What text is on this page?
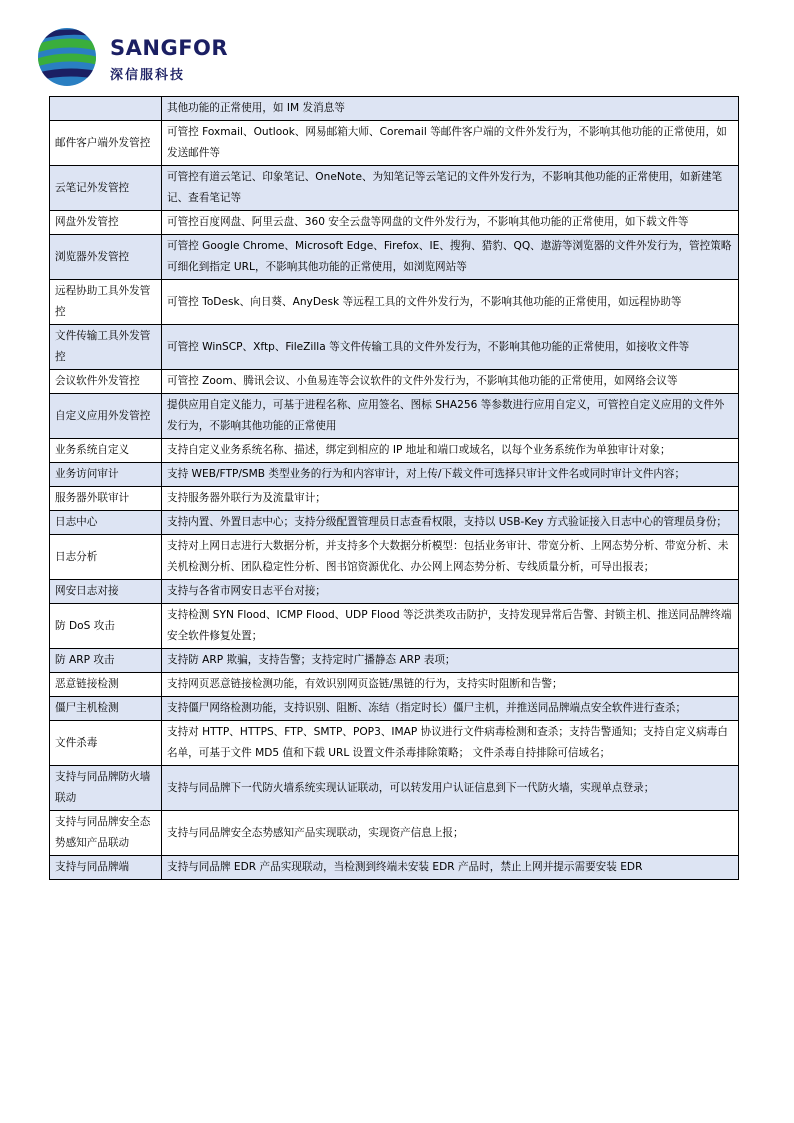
SANGFOR
深信服科技
	其他功能的正常使用，如 IM 发消息等
邮件客户端外发管控	可管控 Foxmail、Outlook、网易邮箱大师、Coremail 等邮件客户端的文件外发行为，不影响其他功能的正常使用，如发送邮件等
云笔记外发管控	可管控有道云笔记、印象笔记、OneNote、为知笔记等云笔记的文件外发行为，不影响其他功能的正常使用，如新建笔记、查看笔记等
网盘外发管控	可管控百度网盘、阿里云盘、360 安全云盘等网盘的文件外发行为，不影响其他功能的正常使用，如下载文件等
浏览器外发管控	可管控 Google Chrome、Microsoft Edge、Firefox、IE、搜狗、猎豹、QQ、遨游等浏览器的文件外发行为，管控策略可细化到指定 URL，不影响其他功能的正常使用，如浏览网站等
远程协助工具外发管控	可管控 ToDesk、向日葵、AnyDesk 等远程工具的文件外发行为，不影响其他功能的正常使用，如远程协助等
文件传输工具外发管控	可管控 WinSCP、Xftp、FileZilla 等文件传输工具的文件外发行为，不影响其他功能的正常使用，如接收文件等
会议软件外发管控	可管控 Zoom、腾讯会议、小鱼易连等会议软件的文件外发行为，不影响其他功能的正常使用，如网络会议等
自定义应用外发管控	提供应用自定义能力，可基于进程名称、应用签名、图标 SHA256 等参数进行应用自定义，可管控自定义应用的文件外发行为，不影响其他功能的正常使用
业务系统自定义	支持自定义业务系统名称、描述，绑定到相应的 IP 地址和端口或域名，以每个业务系统作为单独审计对象；
业务访问审计	支持 WEB/FTP/SMB 类型业务的行为和内容审计，对上传/下载文件可选择只审计文件名或同时审计文件内容；
服务器外联审计	支持服务器外联行为及流量审计；
日志中心	支持内置、外置日志中心；支持分级配置管理员日志查看权限，支持以 USB-Key 方式验证接入日志中心的管理员身份；
日志分析	支持对上网日志进行大数据分析，并支持多个大数据分析模型：包括业务审计、带宽分析、上网态势分析、带宽分析、未关机检测分析、团队稳定性分析、图书馆资源优化、办公网上网态势分析、专线质量分析，可导出报表；
网安日志对接	支持与各省市网安日志平台对接；
防 DoS 攻击	支持检测 SYN Flood、ICMP Flood、UDP Flood 等泛洪类攻击防护，支持发现异常后告警、封锁主机、推送同品牌终端安全软件修复处置；
防 ARP 攻击	支持防 ARP 欺骗，支持告警；支持定时广播静态 ARP 表项；
恶意链接检测	支持网页恶意链接检测功能，有效识别网页盗链/黑链的行为，支持实时阻断和告警；
僵尸主机检测	支持僵尸网络检测功能，支持识别、阻断、冻结（指定时长）僵尸主机，并推送同品牌端点安全软件进行查杀；
文件杀毒	支持对 HTTP、HTTPS、FTP、SMTP、POP3、IMAP 协议进行文件病毒检测和查杀；支持告警通知；支持自定义病毒白名单，可基于文件 MD5 值和下载 URL 设置文件杀毒排除策略； 文件杀毒自持排除可信域名；
支持与同品牌防火墙联动	支持与同品牌下一代防火墙系统实现认证联动，可以转发用户认证信息到下一代防火墙，实现单点登录；
支持与同品牌安全态势感知产品联动	支持与同品牌安全态势感知产品实现联动，实现资产信息上报；
支持与同品牌端	支持与同品牌 EDR 产品实现联动，当检测到终端未安装 EDR 产品时，禁止上网并提示需要安装 EDR
